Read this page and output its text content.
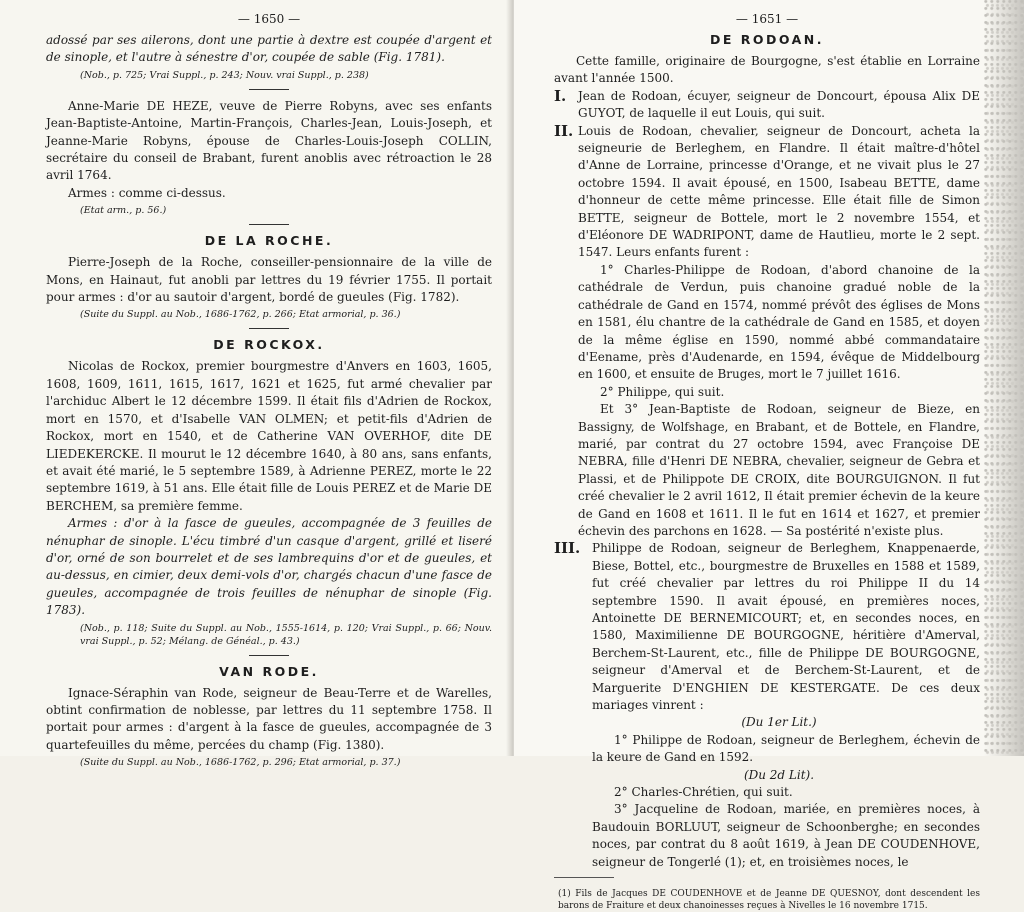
— 1650 —

adossé par ses ailerons, dont une partie à dextre est coupée d'argent et de sinople, et l'autre à sénestre d'or, coupée de sable (Fig. 1781).

(Nob., p. 725; Vrai Suppl., p. 243; Nouv. vrai Suppl., p. 238)

Anne-Marie DE HEZE, veuve de Pierre Robyns, avec ses enfants Jean-Baptiste-Antoine, Martin-François, Charles-Jean, Louis-Joseph, et Jeanne-Marie Robyns, épouse de Charles-Louis-Joseph COLLIN, secrétaire du conseil de Brabant, furent anoblis avec rétroaction le 28 avril 1764.

Armes : comme ci-dessus.

(Etat arm., p. 56.)

DE LA ROCHE.

Pierre-Joseph de la Roche, conseiller-pensionnaire de la ville de Mons, en Hainaut, fut anobli par lettres du 19 février 1755. Il portait pour armes : d'or au sautoir d'argent, bordé de gueules (Fig. 1782).

(Suite du Suppl. au Nob., 1686-1762, p. 266; Etat armorial, p. 36.)

DE ROCKOX.

Nicolas de Rockox, premier bourgmestre d'Anvers en 1603, 1605, 1608, 1609, 1611, 1615, 1617, 1621 et 1625, fut armé chevalier par l'archiduc Albert le 12 décembre 1599. Il était fils d'Adrien de Rockox, mort en 1570, et d'Isabelle VAN OLMEN; et petit-fils d'Adrien de Rockox, mort en 1540, et de Catherine VAN OVERHOF, dite DE LIEDEKERCKE. Il mourut le 12 décembre 1640, à 80 ans, sans enfants, et avait été marié, le 5 septembre 1589, à Adrienne PEREZ, morte le 22 septembre 1619, à 51 ans. Elle était fille de Louis PEREZ et de Marie DE BERCHEM, sa première femme.

Armes : d'or à la fasce de gueules, accompagnée de 3 feuilles de nénuphar de sinople. L'écu timbré d'un casque d'argent, grillé et liseré d'or, orné de son bourrelet et de ses lambrequins d'or et de gueules, et au-dessus, en cimier, deux demi-vols d'or, chargés chacun d'une fasce de gueules, accompagnée de trois feuilles de nénuphar de sinople (Fig. 1783).

(Nob., p. 118; Suite du Suppl. au Nob., 1555-1614, p. 120; Vrai Suppl., p. 66; Nouv. vrai Suppl., p. 52; Mélang. de Généal., p. 43.)

VAN RODE.

Ignace-Séraphin van Rode, seigneur de Beau-Terre et de Warelles, obtint confirmation de noblesse, par lettres du 11 septembre 1758. Il portait pour armes : d'argent à la fasce de gueules, accompagnée de 3 quartefeuilles du même, percées du champ (Fig. 1380).

(Suite du Suppl. au Nob., 1686-1762, p. 296; Etat armorial, p. 37.)

— 1651 —
DE RODOAN.

Cette famille, originaire de Bourgogne, s'est établie en Lorraine avant l'année 1500.

I. Jean de Rodoan, écuyer, seigneur de Doncourt, épousa Alix DE GUYOT, de laquelle il eut Louis, qui suit.

II. Louis de Rodoan, chevalier, seigneur de Doncourt, acheta la seigneurie de Berleghem, en Flandre. Il était maître-d'hôtel d'Anne de Lorraine, princesse d'Orange, et ne vivait plus le 27 octobre 1594. Il avait épousé, en 1500, Isabeau BETTE, dame d'honneur de cette même princesse. Elle était fille de Simon BETTE, seigneur de Bottele, mort le 2 novembre 1554, et d'Eléonore DE WADRIPONT, dame de Hautlieu, morte le 2 sept. 1547. Leurs enfants furent :

1° Charles-Philippe de Rodoan, d'abord chanoine de la cathédrale de Verdun, puis chanoine gradué noble de la cathédrale de Gand en 1574, nommé prévôt des églises de Mons en 1581, élu chantre de la cathédrale de Gand en 1585, et doyen de la même église en 1590, nommé abbé commandataire d'Eename, près d'Audenarde, en 1594, évêque de Middelbourg en 1600, et ensuite de Bruges, mort le 7 juillet 1616.

2° Philippe, qui suit.

Et 3° Jean-Baptiste de Rodoan, seigneur de Bieze, en Bassigny, de Wolfshage, en Brabant, et de Bottele, en Flandre, marié, par contrat du 27 octobre 1594, avec Françoise DE NEBRA, fille d'Henri DE NEBRA, chevalier, seigneur de Gebra et Plassi, et de Philippote DE CROIX, dite BOURGUIGNON. Il fut créé chevalier le 2 avril 1612, Il était premier échevin de la keure de Gand en 1608 et 1611. Il le fut en 1614 et 1627, et premier échevin des parchons en 1628. — Sa postérité n'existe plus.

III. Philippe de Rodoan, seigneur de Berleghem, Knappenaerde, Biese, Bottel, etc., bourgmestre de Bruxelles en 1588 et 1589, fut créé chevalier par lettres du roi Philippe II du 14 septembre 1590. Il avait épousé, en premières noces, Antoinette DE BERNEMICOURT; et, en secondes noces, en 1580, Maximilienne DE BOURGOGNE, héritière d'Amerval, Berchem-St-Laurent, etc., fille de Philippe DE BOURGOGNE, seigneur d'Amerval et de Berchem-St-Laurent, et de Marguerite D'ENGHIEN DE KESTERGATE. De ces deux mariages vinrent :

(Du 1er Lit.)

1° Philippe de Rodoan, seigneur de Berleghem, échevin de la keure de Gand en 1592.

(Du 2d Lit).

2° Charles-Chrétien, qui suit.

3° Jacqueline de Rodoan, mariée, en premières noces, à Baudouin BORLUUT, seigneur de Schoonberghe; en secondes noces, par contrat du 8 août 1619, à Jean DE COUDENHOVE, seigneur de Tongerlé (1); et, en troisièmes noces, le

(1) Fils de Jacques DE COUDENHOVE et de Jeanne DE QUESNOY, dont descendent les barons de Fraiture et deux chanoinesses reçues à Nivelles le 16 novembre 1715.
